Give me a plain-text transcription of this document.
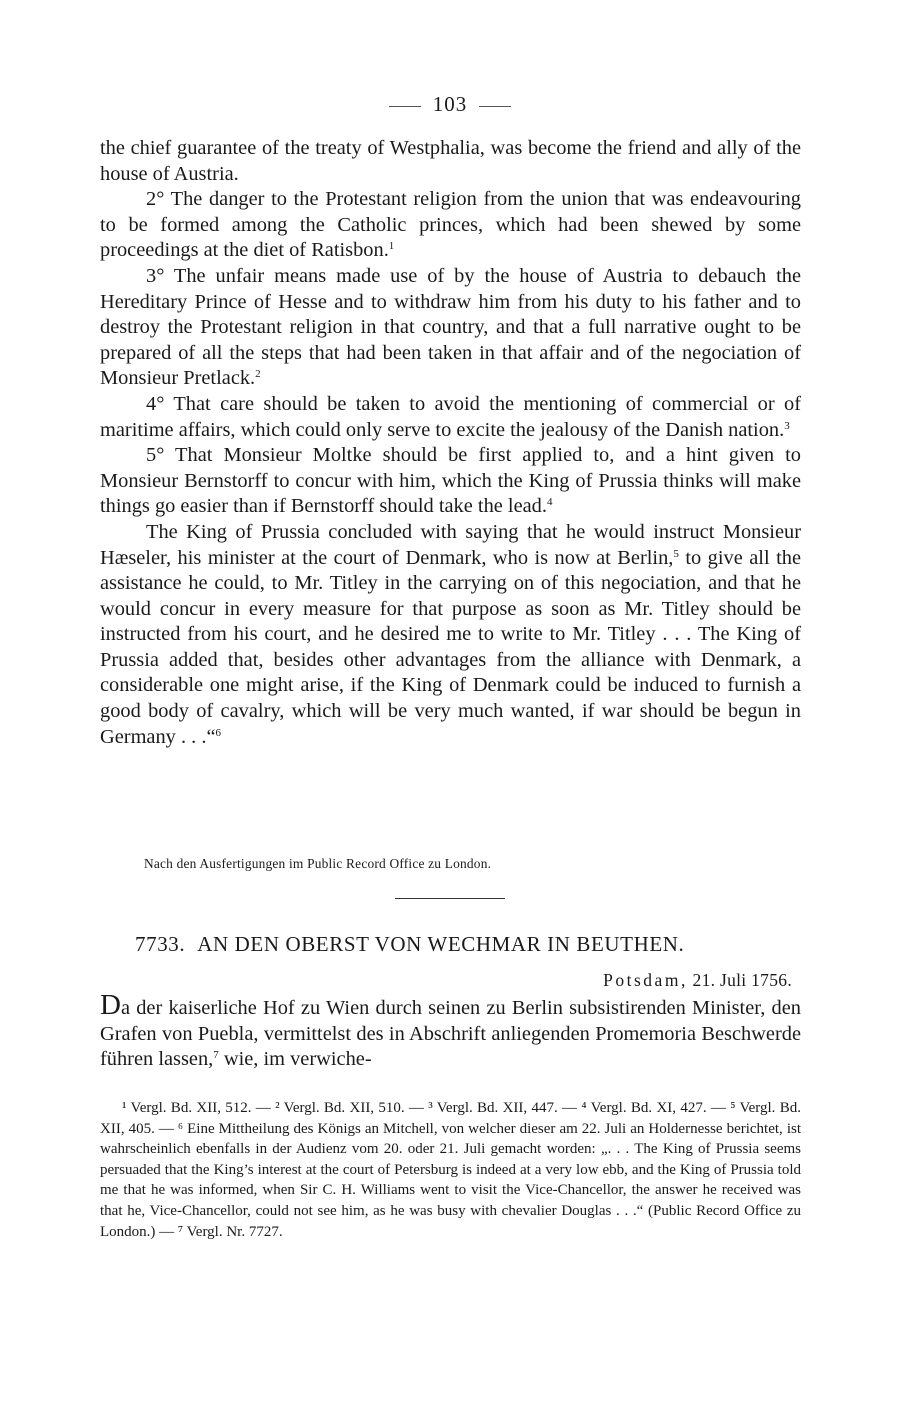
103

the chief guarantee of the treaty of Westphalia, was become the friend and ally of the house of Austria.

2° The danger to the Protestant religion from the union that was endeavouring to be formed among the Catholic princes, which had been shewed by some proceedings at the diet of Ratisbon.$^1$

3° The unfair means made use of by the house of Austria to debauch the Hereditary Prince of Hesse and to withdraw him from his duty to his father and to destroy the Protestant religion in that country, and that a full narrative ought to be prepared of all the steps that had been taken in that affair and of the negociation of Monsieur Pretlack.$^2$

4° That care should be taken to avoid the mentioning of commercial or of maritime affairs, which could only serve to excite the jealousy of the Danish nation.$^3$

5° That Monsieur Moltke should be first applied to, and a hint given to Monsieur Bernstorff to concur with him, which the King of Prussia thinks will make things go easier than if Bernstorff should take the lead.$^4$

The King of Prussia concluded with saying that he would instruct Monsieur Hæseler, his minister at the court of Denmark, who is now at Berlin,$^5$ to give all the assistance he could, to Mr. Titley in the carrying on of this negociation, and that he would concur in every measure for that purpose as soon as Mr. Titley should be instructed from his court, and he desired me to write to Mr. Titley . . . The King of Prussia added that, besides other advantages from the alliance with Denmark, a considerable one might arise, if the King of Denmark could be induced to furnish a good body of cavalry, which will be very much wanted, if war should be begun in Germany . . .“$^6$

Nach den Ausfertigungen im Public Record Office zu London.
7733. AN DEN OBERST VON WECHMAR IN BEUTHEN.
Potsdam, 21. Juli 1756.

Da der kaiserliche Hof zu Wien durch seinen zu Berlin subsistirenden Minister, den Grafen von Puebla, vermittelst des in Abschrift anliegenden Promemoria Beschwerde führen lassen,$^7$ wie, im verwiche-

¹ Vergl. Bd. XII, 512. — ² Vergl. Bd. XII, 510. — ³ Vergl. Bd. XII, 447. — ⁴ Vergl. Bd. XI, 427. — ⁵ Vergl. Bd. XII, 405. — ⁶ Eine Mittheilung des Königs an Mitchell, von welcher dieser am 22. Juli an Holdernesse berichtet, ist wahrscheinlich ebenfalls in der Audienz vom 20. oder 21. Juli gemacht worden: „. . . The King of Prussia seems persuaded that the King’s interest at the court of Petersburg is indeed at a very low ebb, and the King of Prussia told me that he was informed, when Sir C. H. Williams went to visit the Vice-Chancellor, the answer he received was that he, Vice-Chancellor, could not see him, as he was busy with chevalier Douglas . . .“ (Public Record Office zu London.) — ⁷ Vergl. Nr. 7727.
